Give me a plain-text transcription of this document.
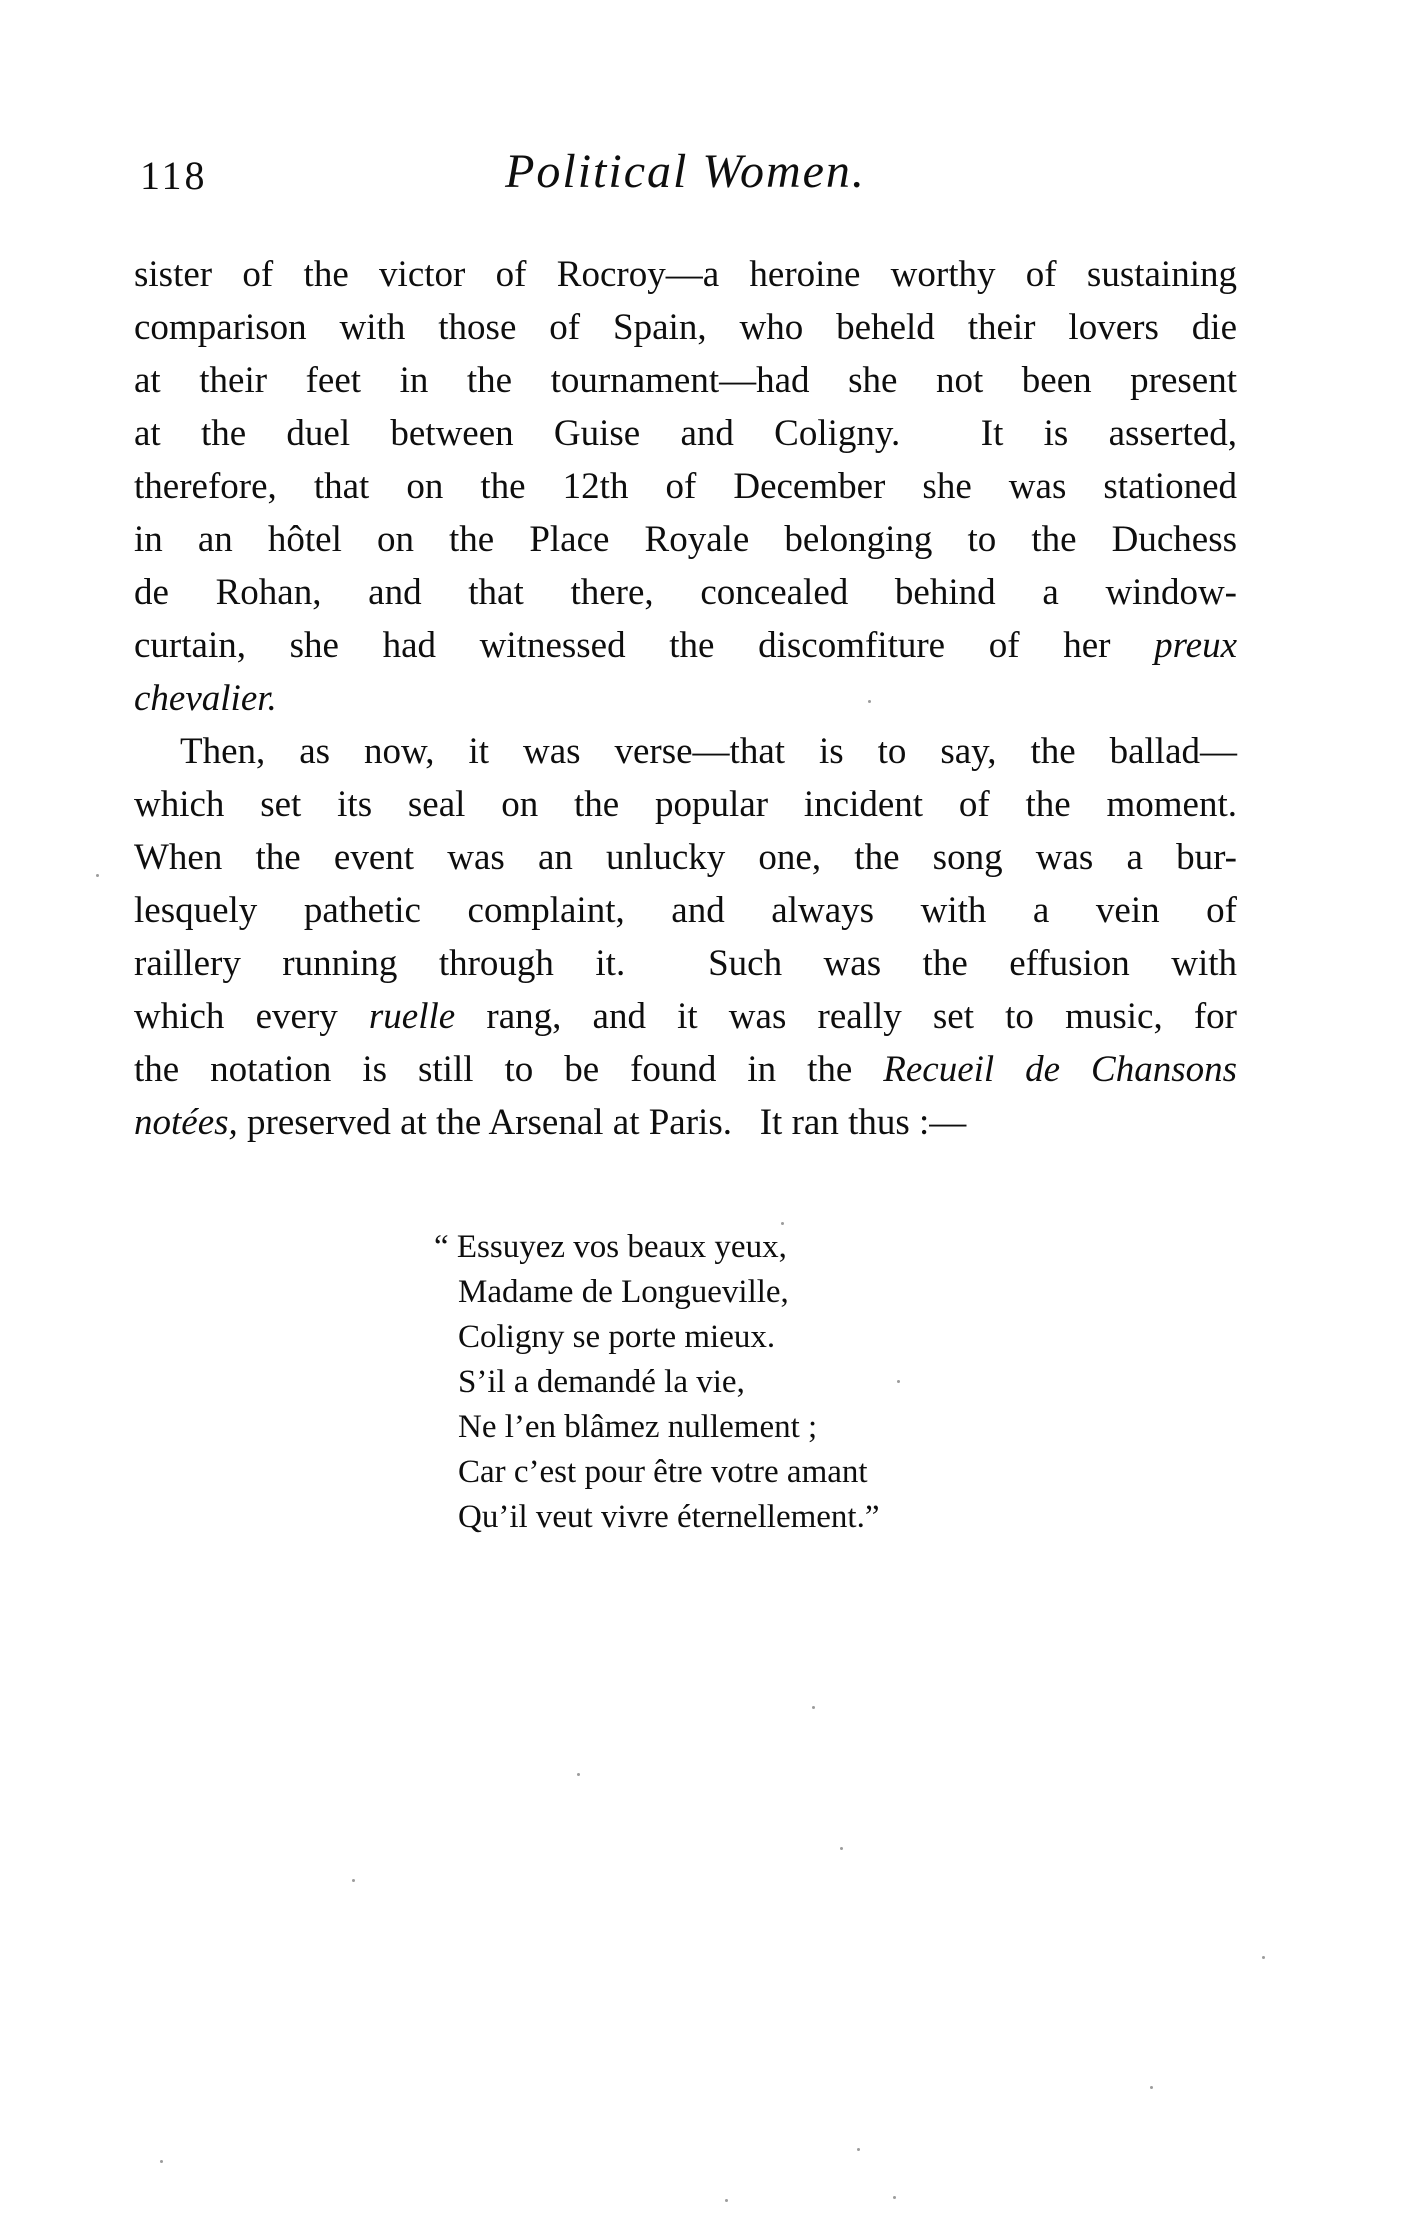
118	Political Women.
sister of the victor of Rocroy—a heroine worthy of sustaining
comparison with those of Spain, who beheld their lovers die
at their feet in the tournament—had she not been present
at the duel between Guise and Coligny.  It is asserted,
therefore, that on the 12th of December she was stationed
in an hôtel on the Place Royale belonging to the Duchess
de Rohan, and that there, concealed behind a window-
curtain, she had witnessed the discomfiture of her preux
chevalier.
Then, as now, it was verse—that is to say, the ballad—
which set its seal on the popular incident of the moment.
When the event was an unlucky one, the song was a bur-
lesquely pathetic complaint, and always with a vein of
raillery running through it.  Such was the effusion with
which every ruelle rang, and it was really set to music, for
the notation is still to be found in the Recueil de Chansons
notées, preserved at the Arsenal at Paris.   It ran thus :—
“ Essuyez vos beaux yeux,
Madame de Longueville,
Coligny se porte mieux.
S’il a demandé la vie,
Ne l’en blâmez nullement ;
Car c’est pour être votre amant
Qu’il veut vivre éternellement.”
